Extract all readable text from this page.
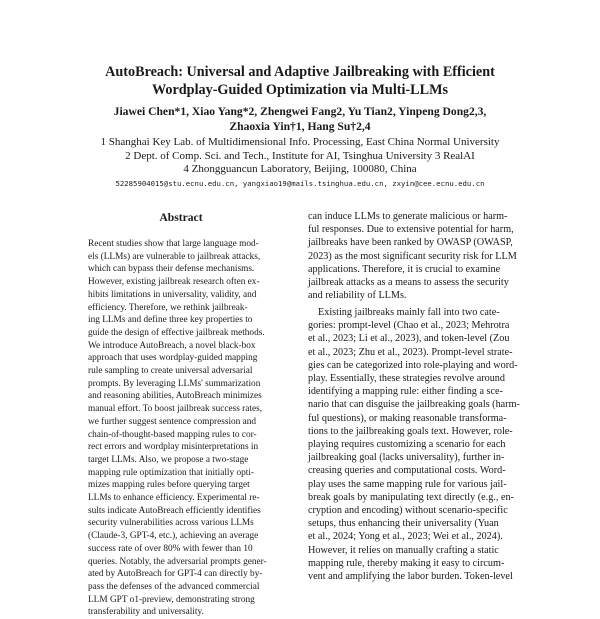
AutoBreach: Universal and Adaptive Jailbreaking with Efficient
Wordplay-Guided Optimization via Multi-LLMs
Jiawei Chen*1, Xiao Yang*2, Zhengwei Fang2, Yu Tian2, Yinpeng Dong2,3,
Zhaoxia Yin†1, Hang Su†2,4
1 Shanghai Key Lab. of Multidimensional Info. Processing, East China Normal University
2 Dept. of Comp. Sci. and Tech., Institute for AI, Tsinghua University 3 RealAI
4 Zhongguancun Laboratory, Beijing, 100080, China
52285904015@stu.ecnu.edu.cn, yangxiao19@mails.tsinghua.edu.cn, zxyin@cee.ecnu.edu.cn
Abstract
Recent studies show that large language mod-
els (LLMs) are vulnerable to jailbreak attacks,
which can bypass their defense mechanisms.
However, existing jailbreak research often ex-
hibits limitations in universality, validity, and
efficiency. Therefore, we rethink jailbreak-
ing LLMs and define three key properties to
guide the design of effective jailbreak methods.
We introduce AutoBreach, a novel black-box
approach that uses wordplay-guided mapping
rule sampling to create universal adversarial
prompts. By leveraging LLMs' summarization
and reasoning abilities, AutoBreach minimizes
manual effort. To boost jailbreak success rates,
we further suggest sentence compression and
chain-of-thought-based mapping rules to cor-
rect errors and wordplay misinterpretations in
target LLMs. Also, we propose a two-stage
mapping rule optimization that initially opti-
mizes mapping rules before querying target
LLMs to enhance efficiency. Experimental re-
sults indicate AutoBreach efficiently identifies
security vulnerabilities across various LLMs
(Claude-3, GPT-4, etc.), achieving an average
success rate of over 80% with fewer than 10
queries. Notably, the adversarial prompts gener-
ated by AutoBreach for GPT-4 can directly by-
pass the defenses of the advanced commercial
LLM GPT o1-preview, demonstrating strong
transferability and universality.
can induce LLMs to generate malicious or harm-
ful responses. Due to extensive potential for harm,
jailbreaks have been ranked by OWASP (OWASP,
2023) as the most significant security risk for LLM
applications. Therefore, it is crucial to examine
jailbreak attacks as a means to assess the security
and reliability of LLMs.
Existing jailbreaks mainly fall into two cate-
gories: prompt-level (Chao et al., 2023; Mehrotra
et al., 2023; Li et al., 2023), and token-level (Zou
et al., 2023; Zhu et al., 2023). Prompt-level strate-
gies can be categorized into role-playing and word-
play. Essentially, these strategies revolve around
identifying a mapping rule: either finding a sce-
nario that can disguise the jailbreaking goals (harm-
ful questions), or making reasonable transforma-
tions to the jailbreaking goals text. However, role-
playing requires customizing a scenario for each
jailbreaking goal (lacks universality), further in-
creasing queries and computational costs. Word-
play uses the same mapping rule for various jail-
break goals by manipulating text directly (e.g., en-
cryption and encoding) without scenario-specific
setups, thus enhancing their universality (Yuan
et al., 2024; Yong et al., 2023; Wei et al., 2024).
However, it relies on manually crafting a static
mapping rule, thereby making it easy to circum-
vent and amplifying the labor burden. Token-level
